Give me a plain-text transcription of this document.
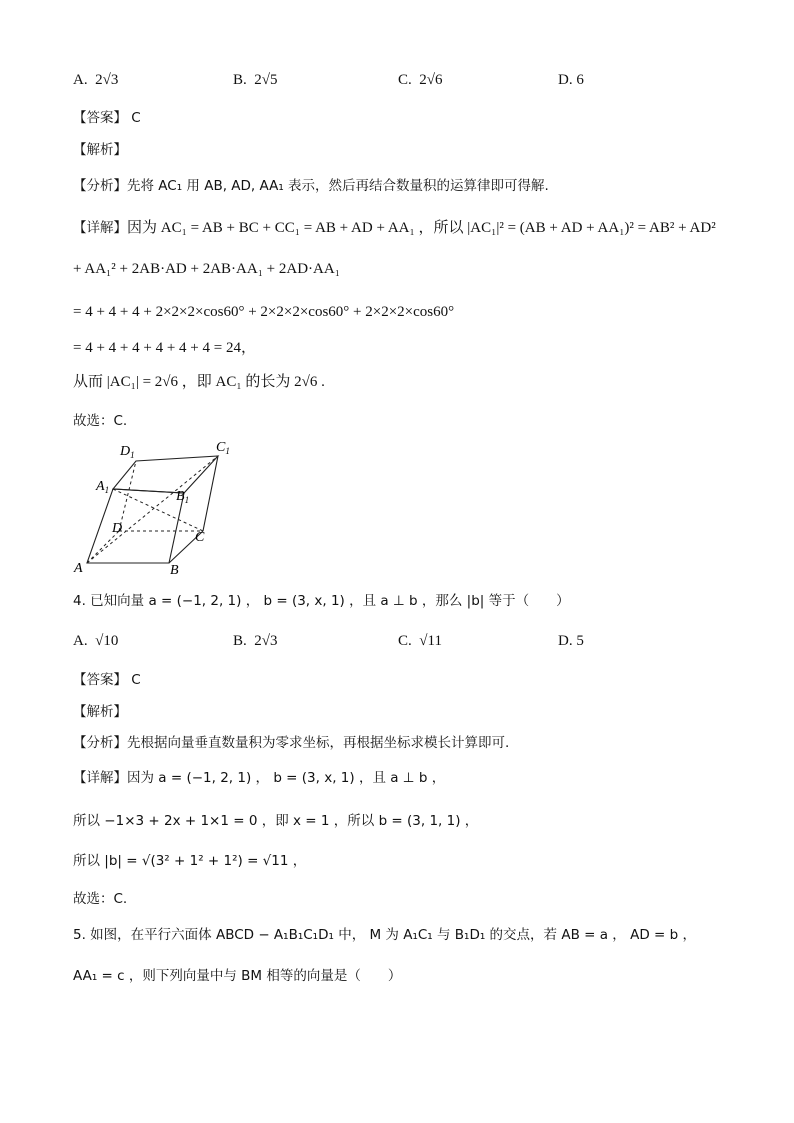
A. 2√3	B. 2√5	C. 2√6	D. 6
【答案】 C
【解析】
【分析】先将 AC₁ 用 AB, AD, AA₁ 表示，然后再结合数量积的运算律即可得解.
【详解】因为 AC₁ = AB + BC + CC₁ = AB + AD + AA₁ ，所以 |AC₁|² = (AB + AD + AA₁)² = AB² + AD²
+ AA₁² + 2AB·AD + 2AB·AA₁ + 2AD·AA₁
= 4 + 4 + 4 + 2×2×2×cos60° + 2×2×2×cos60° + 2×2×2×cos60°
= 4 + 4 + 4 + 4 + 4 + 4 = 24，
从而 |AC₁| = 2√6 ，即 AC₁ 的长为 2√6 .
故选：C.
$D_1$	$C_1$
$A_1$	$B_1$
D
C
A	B
4. 已知向量 a = (−1, 2, 1) ， b = (3, x, 1) ，且 a ⊥ b ，那么 |b| 等于（　　）
A. √10	B. 2√3	C. √11	D. 5
【答案】 C
【解析】
【分析】先根据向量垂直数量积为零求坐标，再根据坐标求模长计算即可.
【详解】因为 a = (−1, 2, 1) ， b = (3, x, 1) ，且 a ⊥ b ，
所以 −1×3 + 2x + 1×1 = 0 ，即 x = 1 ，所以 b = (3, 1, 1) ，
所以 |b| = √(3² + 1² + 1²) = √11 ，
故选：C.
5. 如图，在平行六面体 ABCD − A₁B₁C₁D₁ 中， M 为 A₁C₁ 与 B₁D₁ 的交点，若 AB = a ， AD = b ，
AA₁ = c ，则下列向量中与 BM 相等的向量是（　　）
